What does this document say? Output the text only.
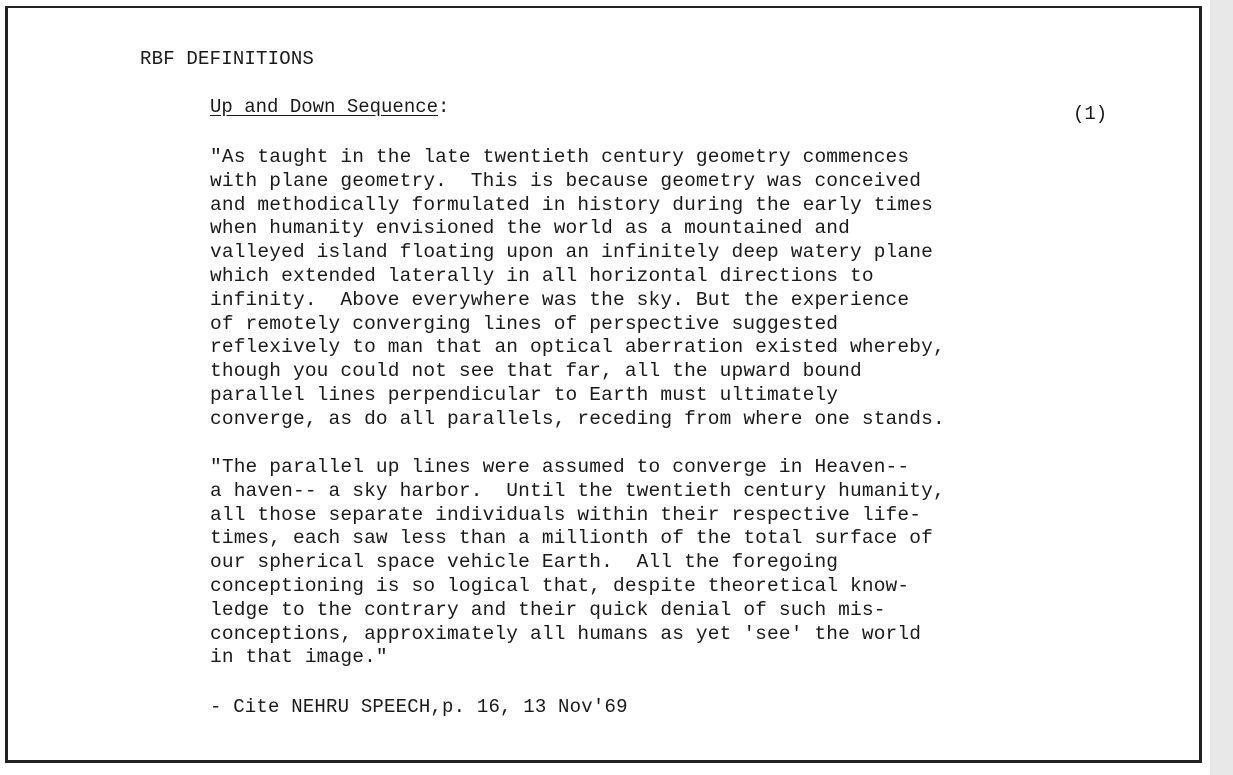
RBF DEFINITIONS
Up and Down Sequence:	(1)
"As taught in the late twentieth century geometry commences
with plane geometry.  This is because geometry was conceived
and methodically formulated in history during the early times
when humanity envisioned the world as a mountained and
valleyed island floating upon an infinitely deep watery plane
which extended laterally in all horizontal directions to
infinity.  Above everywhere was the sky. But the experience
of remotely converging lines of perspective suggested
reflexively to man that an optical aberration existed whereby,
though you could not see that far, all the upward bound
parallel lines perpendicular to Earth must ultimately
converge, as do all parallels, receding from where one stands.
"The parallel up lines were assumed to converge in Heaven--
a haven-- a sky harbor.  Until the twentieth century humanity,
all those separate individuals within their respective life-
times, each saw less than a millionth of the total surface of
our spherical space vehicle Earth.  All the foregoing
conceptioning is so logical that, despite theoretical know-
ledge to the contrary and their quick denial of such mis-
conceptions, approximately all humans as yet 'see' the world
in that image."
- Cite NEHRU SPEECH,p. 16, 13 Nov'69
